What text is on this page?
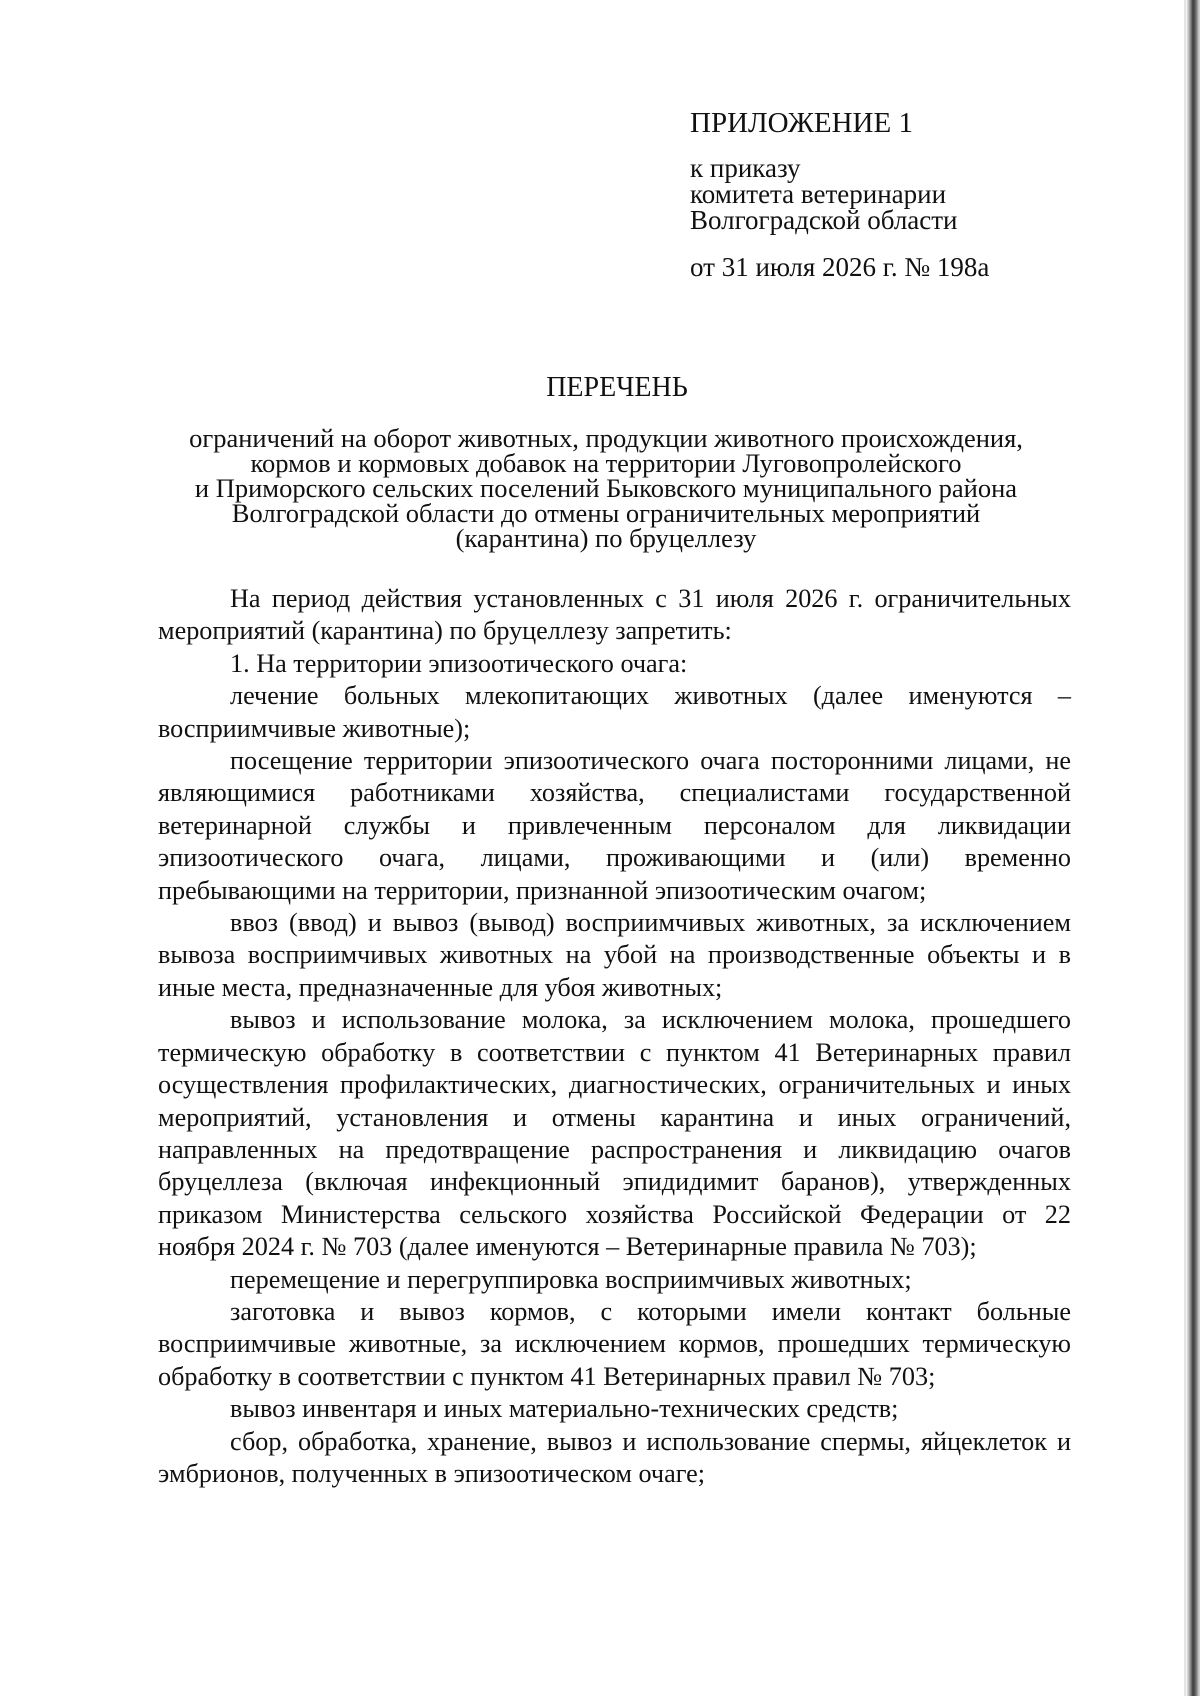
ПРИЛОЖЕНИЕ 1
к приказу
комитета ветеринарии
Волгоградской области
от 31 июля 2026 г. № 198а
ПЕРЕЧЕНЬ
ограничений на оборот животных, продукции животного происхождения,
кормов и кормовых добавок на территории Луговопролейского
и Приморского сельских поселений Быковского муниципального района
Волгоградской области до отмены ограничительных мероприятий
(карантина) по бруцеллезу

На период действия установленных с 31 июля 2026 г. ограничительных мероприятий (карантина) по бруцеллезу запретить:

1. На территории эпизоотического очага:

лечение больных млекопитающих животных (далее именуются – восприимчивые животные);

посещение территории эпизоотического очага посторонними лицами, не являющимися работниками хозяйства, специалистами государственной ветеринарной службы и привлеченным персоналом для ликвидации эпизоотического очага, лицами, проживающими и (или) временно пребывающими на территории, признанной эпизоотическим очагом;

ввоз (ввод) и вывоз (вывод) восприимчивых животных, за исключением вывоза восприимчивых животных на убой на производственные объекты и в иные места, предназначенные для убоя животных;

вывоз и использование молока, за исключением молока, прошедшего термическую обработку в соответствии с пунктом 41 Ветеринарных правил осуществления профилактических, диагностических, ограничительных и иных мероприятий, установления и отмены карантина и иных ограничений, направленных на предотвращение распространения и ликвидацию очагов бруцеллеза (включая инфекционный эпидидимит баранов), утвержденных приказом Министерства сельского хозяйства Российской Федерации от 22 ноября 2024 г. № 703 (далее именуются – Ветеринарные правила № 703);

перемещение и перегруппировка восприимчивых животных;

заготовка и вывоз кормов, с которыми имели контакт больные восприимчивые животные, за исключением кормов, прошедших термическую обработку в соответствии с пунктом 41 Ветеринарных правил № 703;

вывоз инвентаря и иных материально-технических средств;

сбор, обработка, хранение, вывоз и использование спермы, яйцеклеток и эмбрионов, полученных в эпизоотическом очаге;
